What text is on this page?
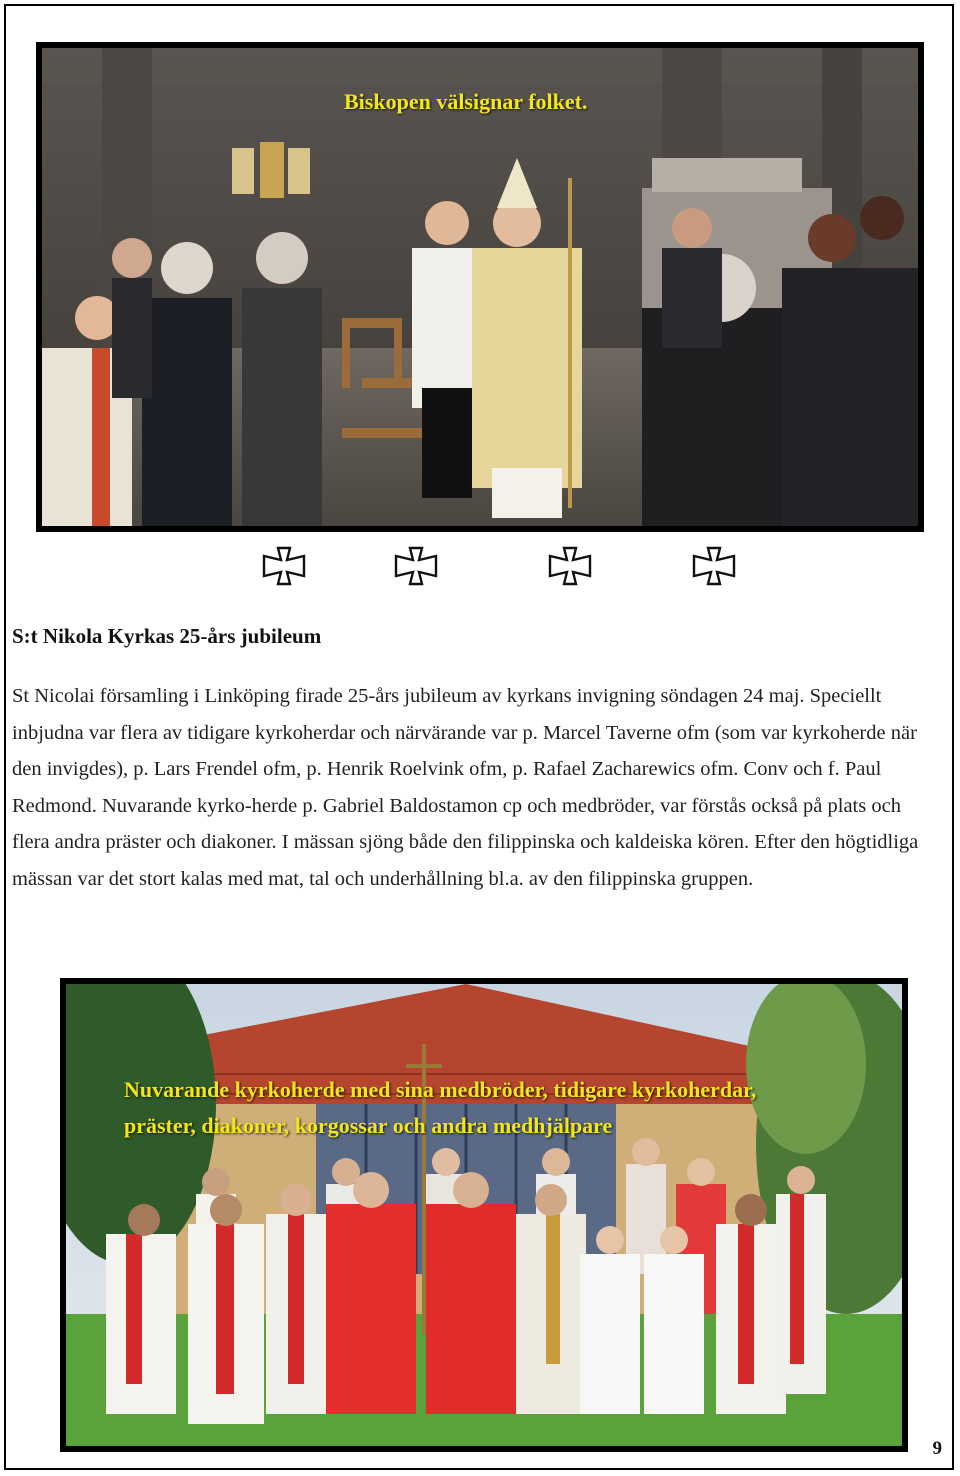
Biskopen välsignar folket.
S:t Nikola Kyrkas 25-års jubileum
St Nicolai församling i Linköping firade 25-års jubileum av kyrkans invigning söndagen 24 maj. Speciellt inbjudna var flera av tidigare kyrkoherdar och närvärande var p. Marcel Taverne ofm (som var kyrkoherde när den invigdes), p. Lars Frendel ofm, p. Henrik Roelvink ofm, p. Rafael Zacharewics ofm. Conv och f. Paul Redmond. Nuvarande kyrko-herde p. Gabriel Baldostamon cp och medbröder, var förstås också på plats och flera andra präster och diakoner. I mässan sjöng både den filippinska och kaldeiska kören. Efter den högtidliga mässan var det stort kalas med mat, tal och underhållning bl.a. av den filippinska gruppen.
Nuvarande kyrkoherde med sina medbröder, tidigare kyrkoherdar,
präster, diakoner, korgossar och andra medhjälpare
9
